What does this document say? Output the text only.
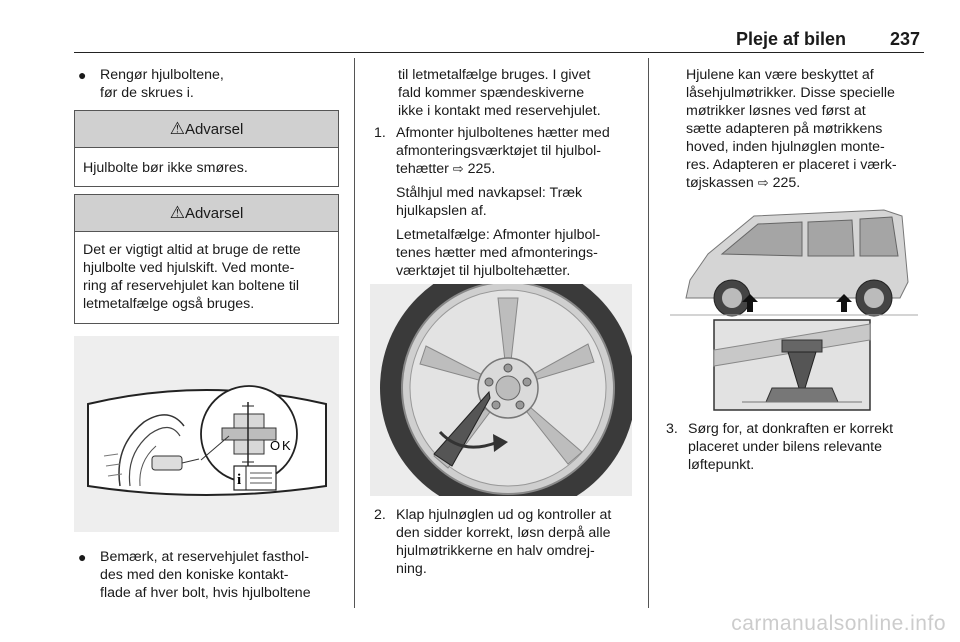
Pleje af bilen 237
● Rengør hjulboltene,
før de skrues i.
⚠Advarsel
Hjulbolte bør ikke smøres.
⚠Advarsel
Det er vigtigt altid at bruge de rette
hjulbolte ved hjulskift. Ved monte-
ring af reservehjulet kan boltene til
letmetalfælge også bruges.
O K
i
● Bemærk, at reservehjulet fasthol-
des med den koniske kontakt-
flade af hver bolt, hvis hjulboltene
til letmetalfælge bruges. I givet
fald kommer spændeskiverne
ikke i kontakt med reservehjulet.
1. Afmonter hjulboltenes hætter med
afmonteringsværktøjet til hjulbol-
tehætter ⇨ 225.
Stålhjul med navkapsel: Træk
hjulkapslen af.
Letmetalfælge: Afmonter hjulbol-
tenes hætter med afmonterings-
værktøjet til hjulboltehætter.
2. Klap hjulnøglen ud og kontroller at
den sidder korrekt, løsn derpå alle
hjulmøtrikkerne en halv omdrej-
ning.
Hjulene kan være beskyttet af
låsehjulmøtrikker. Disse specielle
møtrikker løsnes ved først at
sætte adapteren på møtrikkens
hoved, inden hjulnøglen monte-
res. Adapteren er placeret i værk-
tøjskassen ⇨ 225.
3. Sørg for, at donkraften er korrekt
placeret under bilens relevante
løftepunkt.
carmanualsonline.info
